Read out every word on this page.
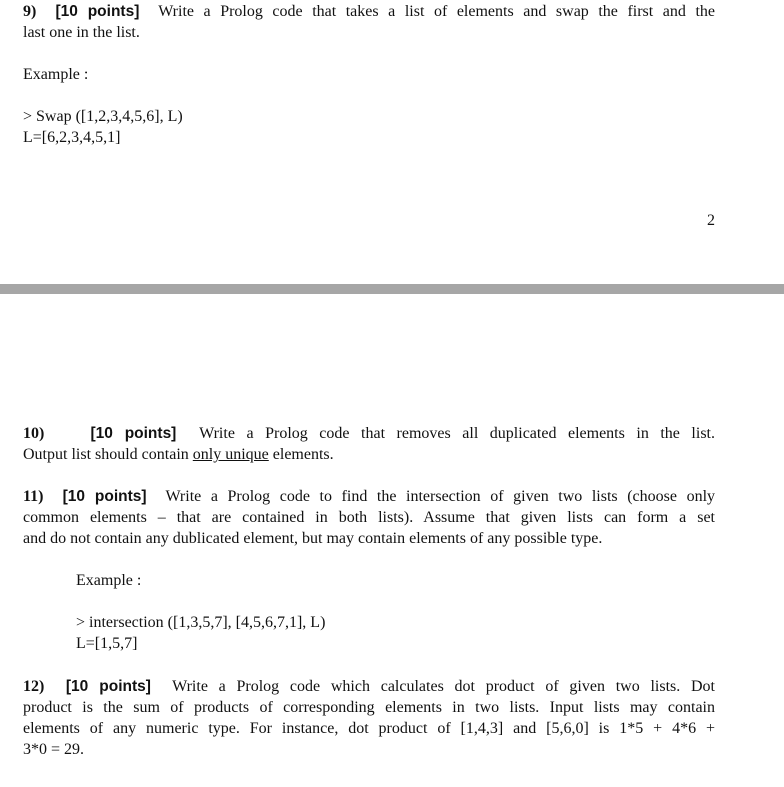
9) [10 points] Write a Prolog code that takes a list of elements and swap the first and the
last one in the list.
Example :
> Swap ([1,2,3,4,5,6], L)
L=[6,2,3,4,5,1]
2
10)	[10 points] Write a Prolog code that removes all duplicated elements in the list.
Output list should contain only unique elements.
11) [10 points] Write a Prolog code to find the intersection of given two lists (choose only
common elements – that are contained in both lists). Assume that given lists can form a set
and do not contain any dublicated element, but may contain elements of any possible type.
Example :
> intersection ([1,3,5,7], [4,5,6,7,1], L)
L=[1,5,7]
12) [10 points] Write a Prolog code which calculates dot product of given two lists. Dot
product is the sum of products of corresponding elements in two lists. Input lists may contain
elements of any numeric type. For instance, dot product of [1,4,3] and [5,6,0] is 1*5 + 4*6 +
3*0 = 29.
